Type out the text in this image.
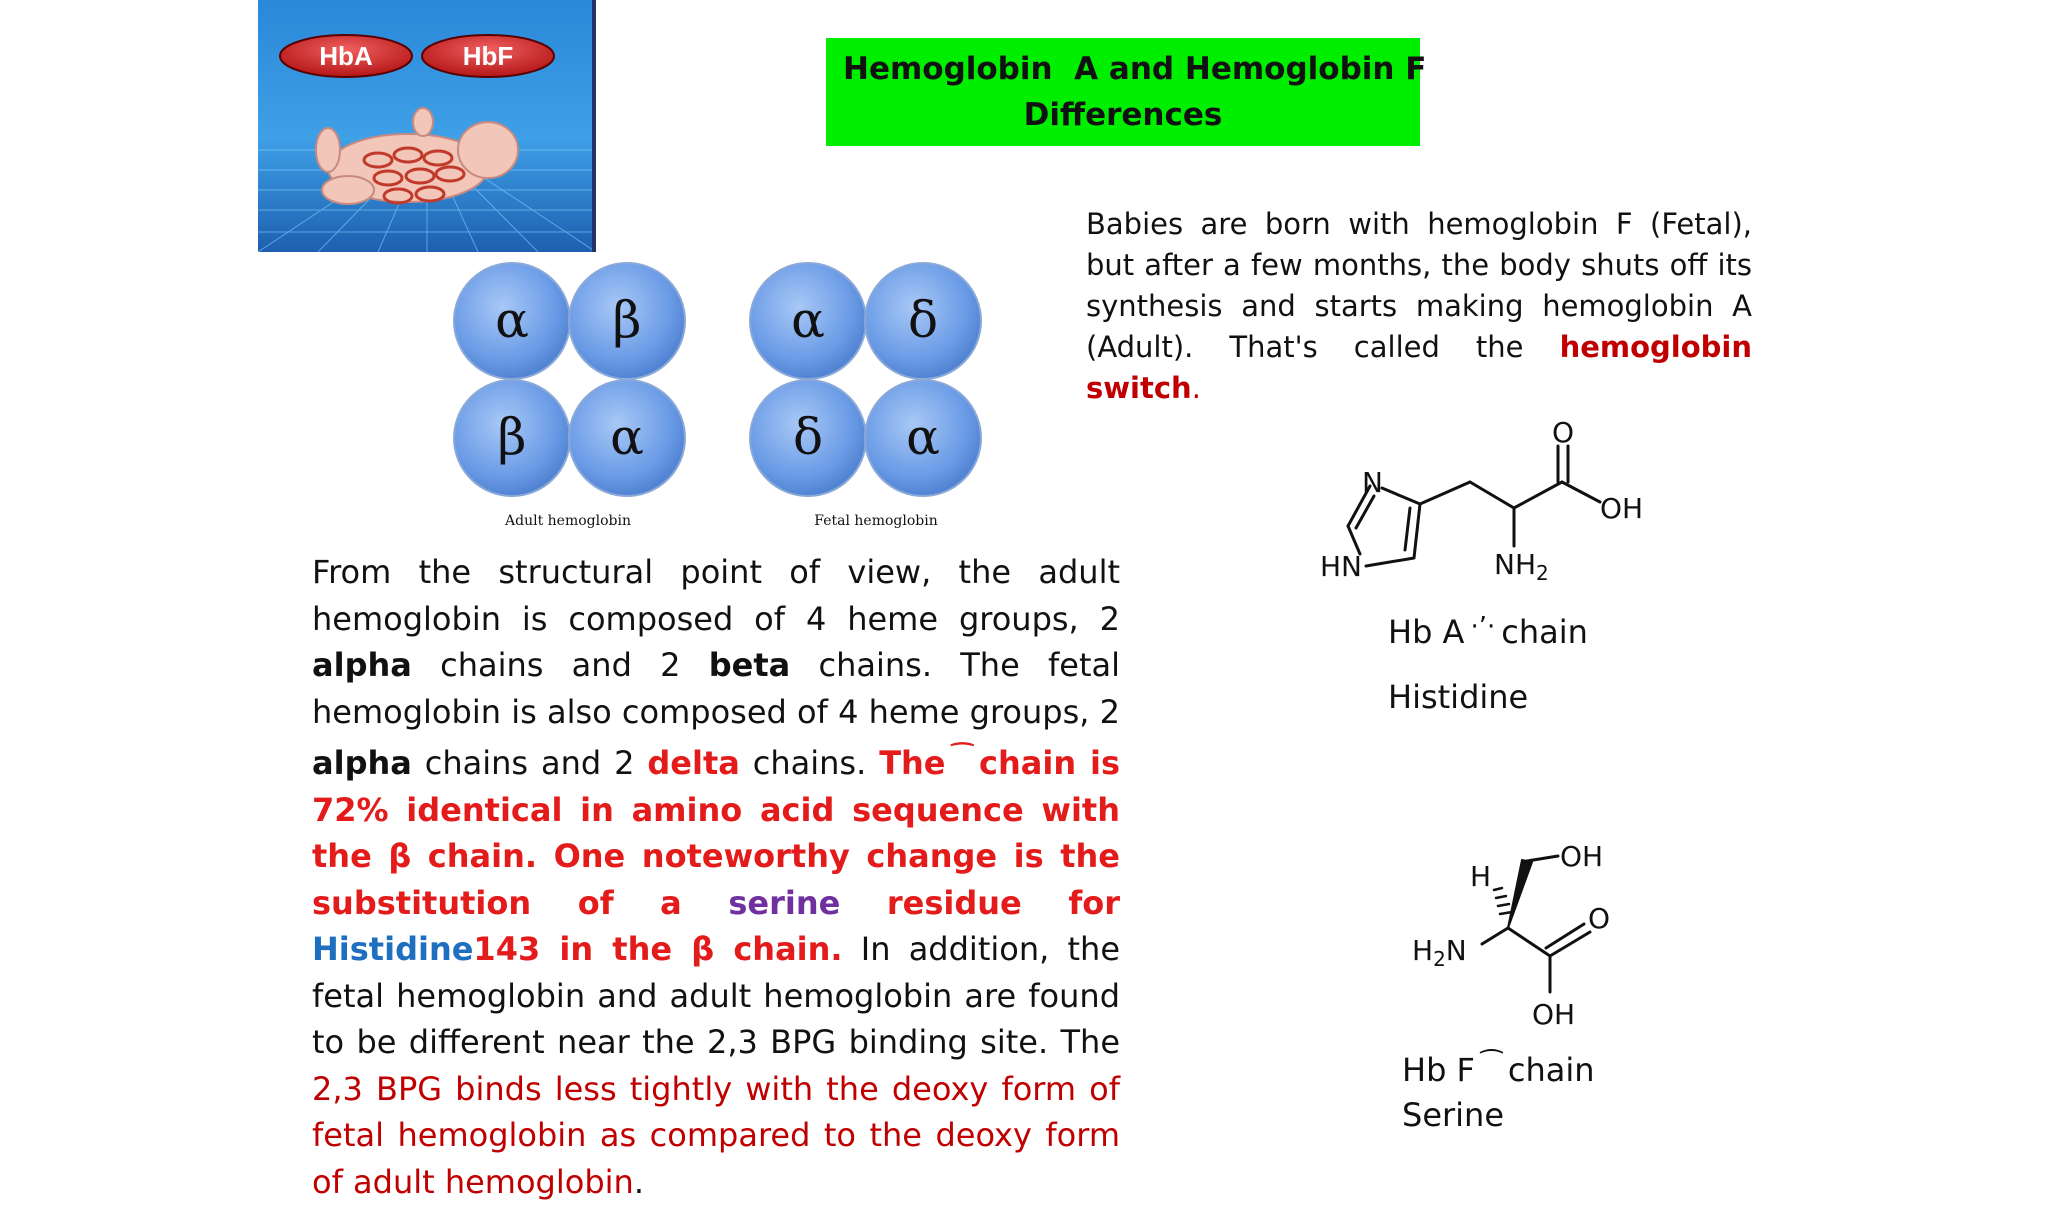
HbA	HbF	Hemoglobin  A and Hemoglobin F
Differences
Babies are born with hemoglobin F (Fetal), but after a few months, the body shuts off its synthesis and starts making hemoglobin A (Adult). That's called the hemoglobin switch.
α β
β α
Adult hemoglobin
α δ
δ α
Fetal hemoglobin
From the structural point of view, the adult hemoglobin is composed of 4 heme groups, 2 alpha chains and 2 beta chains. The fetal hemoglobin is also composed of 4 heme groups, 2 alpha chains and 2 delta chains. The ⁀ chain is 72% identical in amino acid sequence with the β chain. One noteworthy change is the substitution of a serine residue for Histidine143 in the β chain. In addition, the fetal hemoglobin and adult hemoglobin are found to be different near the 2,3 BPG binding site. The 2,3 BPG binds less tightly with the deoxy form of fetal hemoglobin as compared to the deoxy form of adult hemoglobin.
N
HN	$NH_2$
O
OH
Hb A ·ʼ· chain
Histidine
H
OH
$H_2N$
O
OH
Hb F ⁀ chain
Serine
